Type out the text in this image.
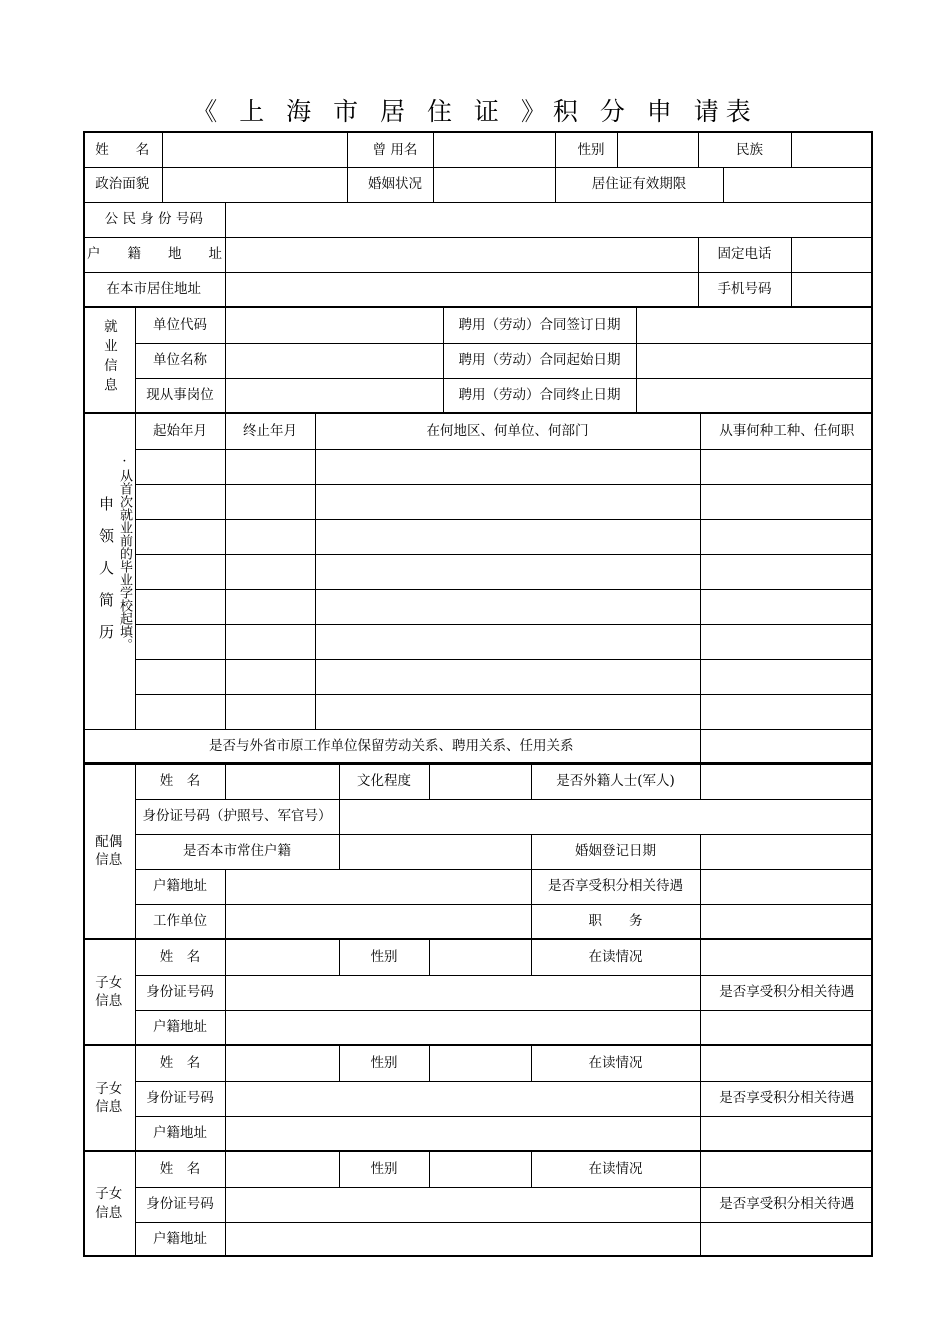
《 上 海 市 居 住 证 》积 分 申 请表
姓　　名			曾 用名		性别		民族		
政治面貌			婚姻状况		居住证有效期限				
公 民 身 份 号码									
户　　籍　　地　　址							固定电话		
在本市居住地址							手机号码		
就业信息	单位代码		聘用（劳动）合同签订日期	
	单位名称		聘用（劳动）合同起始日期	
	现从事岗位		聘用（劳动）合同终止日期	
申领人简历 ·从首次就业前的毕业学校起填。	起始年月	终止年月	在何地区、何单位、何部门	从事何种工种、任何职

是否与外省市原工作单位保留劳动关系、聘用关系、任用关系				
配偶信息	姓　名		文化程度		是否外籍人士(军人)	
	身份证号码（护照号、军官号）					
	是否本市常住户籍				婚姻登记日期	
	户籍地址				是否享受积分相关待遇	
	工作单位				职　　务	
子女信息	姓　名		性别		在读情况	
	身份证号码					是否享受积分相关待遇
	户籍地址					
子女信息	姓　名		性别		在读情况	
	身份证号码					是否享受积分相关待遇
	户籍地址					
子女信息	姓　名		性别		在读情况	
	身份证号码					是否享受积分相关待遇
	户籍地址					
